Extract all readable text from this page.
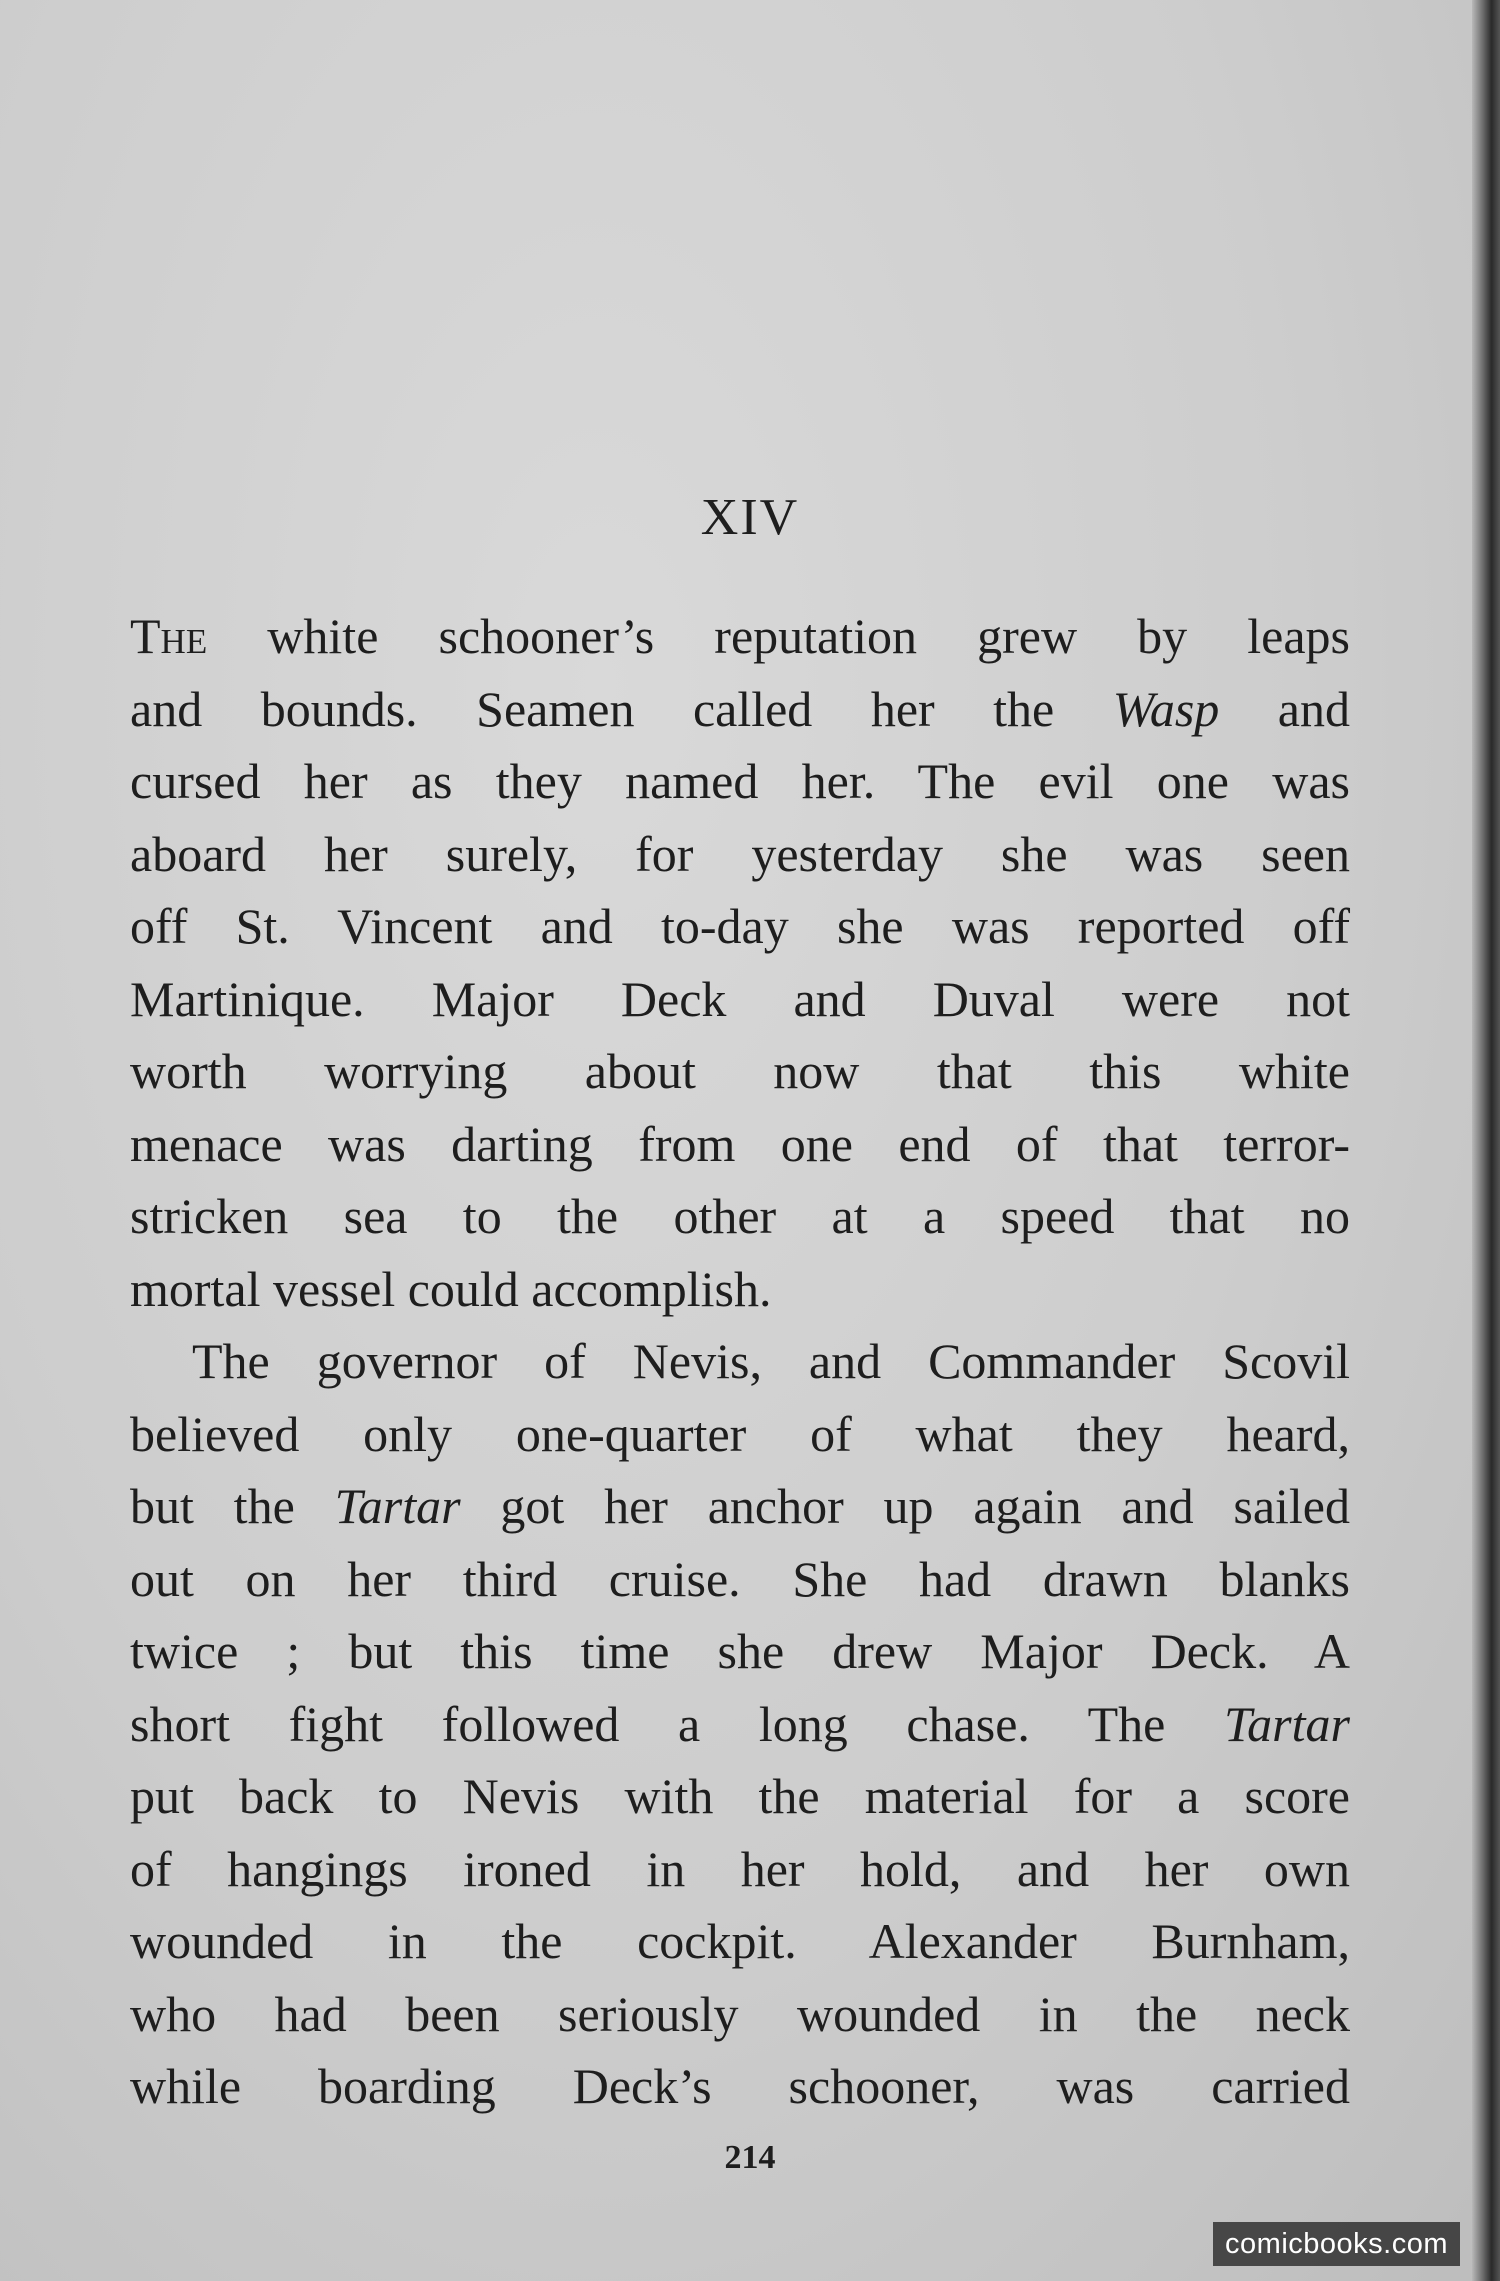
XIV
The white schooner’s reputation grew by leaps
and bounds. Seamen called her the Wasp and
cursed her as they named her. The evil one was
aboard her surely, for yesterday she was seen
off St. Vincent and to-day she was reported off
Martinique. Major Deck and Duval were not
worth worrying about now that this white
menace was darting from one end of that terror-
stricken sea to the other at a speed that no
mortal vessel could accomplish.
The governor of Nevis, and Commander Scovil
believed only one-quarter of what they heard,
but the Tartar got her anchor up again and sailed
out on her third cruise. She had drawn blanks
twice ; but this time she drew Major Deck. A
short fight followed a long chase. The Tartar
put back to Nevis with the material for a score
of hangings ironed in her hold, and her own
wounded in the cockpit. Alexander Burnham,
who had been seriously wounded in the neck
while boarding Deck’s schooner, was carried
214
comicbooks.com
